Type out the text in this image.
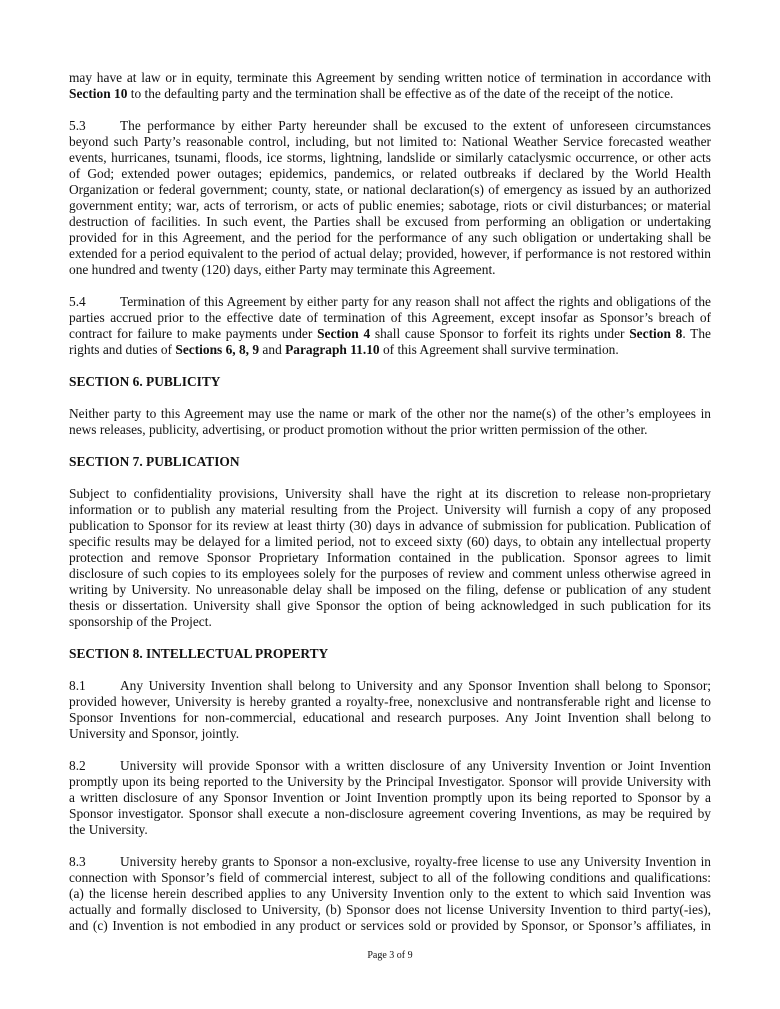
may have at law or in equity, terminate this Agreement by sending written notice of termination in accordance with
Section 10 to the defaulting party and the termination shall be effective as of the date of the receipt of the notice.
5.3	The performance by either Party hereunder shall be excused to the extent of unforeseen circumstances
beyond such Party’s reasonable control, including, but not limited to: National Weather Service forecasted weather
events, hurricanes, tsunami, floods, ice storms, lightning, landslide or similarly cataclysmic occurrence, or other acts
of God; extended power outages; epidemics, pandemics, or related outbreaks if declared by the World Health
Organization or federal government; county, state, or national declaration(s) of emergency as issued by an authorized
government entity; war, acts of terrorism, or acts of public enemies; sabotage, riots or civil disturbances; or material
destruction of facilities. In such event, the Parties shall be excused from performing an obligation or undertaking
provided for in this Agreement, and the period for the performance of any such obligation or undertaking shall be
extended for a period equivalent to the period of actual delay; provided, however, if performance is not restored within
one hundred and twenty (120) days, either Party may terminate this Agreement.
5.4	Termination of this Agreement by either party for any reason shall not affect the rights and obligations of the
parties accrued prior to the effective date of termination of this Agreement, except insofar as Sponsor’s breach of
contract for failure to make payments under Section 4 shall cause Sponsor to forfeit its rights under Section 8. The
rights and duties of Sections 6, 8, 9 and Paragraph 11.10 of this Agreement shall survive termination.
SECTION 6. PUBLICITY
Neither party to this Agreement may use the name or mark of the other nor the name(s) of the other’s employees in
news releases, publicity, advertising, or product promotion without the prior written permission of the other.
SECTION 7. PUBLICATION
Subject to confidentiality provisions, University shall have the right at its discretion to release non-proprietary
information or to publish any material resulting from the Project. University will furnish a copy of any proposed
publication to Sponsor for its review at least thirty (30) days in advance of submission for publication. Publication of
specific results may be delayed for a limited period, not to exceed sixty (60) days, to obtain any intellectual property
protection and remove Sponsor Proprietary Information contained in the publication. Sponsor agrees to limit
disclosure of such copies to its employees solely for the purposes of review and comment unless otherwise agreed in
writing by University. No unreasonable delay shall be imposed on the filing, defense or publication of any student
thesis or dissertation. University shall give Sponsor the option of being acknowledged in such publication for its
sponsorship of the Project.
SECTION 8. INTELLECTUAL PROPERTY
8.1	Any University Invention shall belong to University and any Sponsor Invention shall belong to Sponsor;
provided however, University is hereby granted a royalty-free, nonexclusive and nontransferable right and license to
Sponsor Inventions for non-commercial, educational and research purposes. Any Joint Invention shall belong to
University and Sponsor, jointly.
8.2	University will provide Sponsor with a written disclosure of any University Invention or Joint Invention
promptly upon its being reported to the University by the Principal Investigator. Sponsor will provide University with
a written disclosure of any Sponsor Invention or Joint Invention promptly upon its being reported to Sponsor by a
Sponsor investigator. Sponsor shall execute a non-disclosure agreement covering Inventions, as may be required by
the University.
8.3	University hereby grants to Sponsor a non-exclusive, royalty-free license to use any University Invention in
connection with Sponsor’s field of commercial interest, subject to all of the following conditions and qualifications:
(a) the license herein described applies to any University Invention only to the extent to which said Invention was
actually and formally disclosed to University, (b) Sponsor does not license University Invention to third party(-ies),
and (c) Invention is not embodied in any product or services sold or provided by Sponsor, or Sponsor’s affiliates, in
Page 3 of 9
